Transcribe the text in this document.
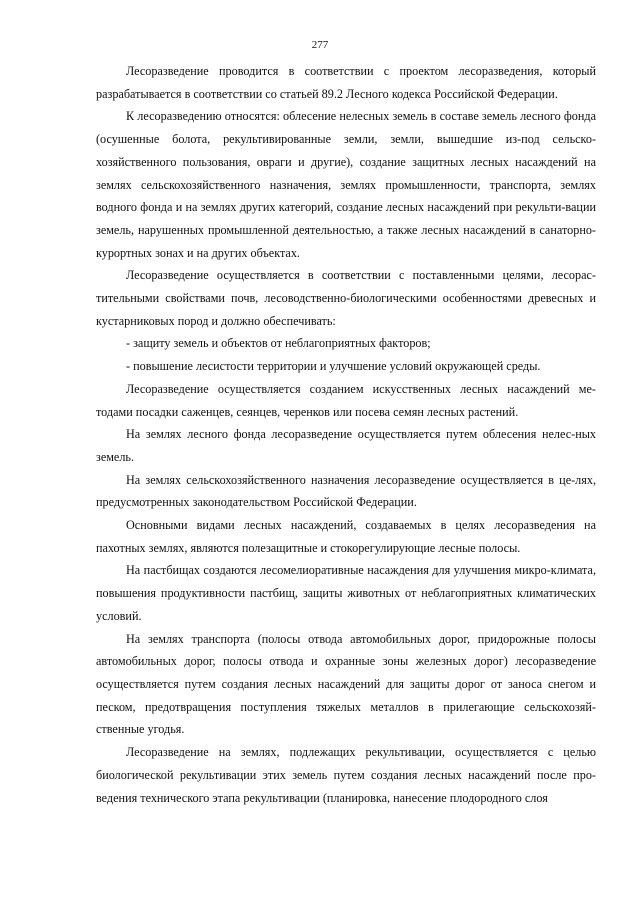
277

Лесоразведение проводится в соответствии с проектом лесоразведения, который разрабатывается в соответствии со статьей 89.2 Лесного кодекса Российской Федерации.

К лесоразведению относятся: облесение нелесных земель в составе земель лесного фонда (осушенные болота, рекультивированные земли, земли, вышедшие из-под сельско-хозяйственного пользования, овраги и другие), создание защитных лесных насаждений на землях сельскохозяйственного назначения, землях промышленности, транспорта, землях водного фонда и на землях других категорий, создание лесных насаждений при рекульти-вации земель, нарушенных промышленной деятельностью, а также лесных насаждений в санаторно-курортных зонах и на других объектах.

Лесоразведение осуществляется в соответствии с поставленными целями, лесорас-тительными свойствами почв, лесоводственно-биологическими особенностями древесных и кустарниковых пород и должно обеспечивать:

- защиту земель и объектов от неблагоприятных факторов;

- повышение лесистости территории и улучшение условий окружающей среды.

Лесоразведение осуществляется созданием искусственных лесных насаждений ме-тодами посадки саженцев, сеянцев, черенков или посева семян лесных растений.

На землях лесного фонда лесоразведение осуществляется путем облесения нелес-ных земель.

На землях сельскохозяйственного назначения лесоразведение осуществляется в це-лях, предусмотренных законодательством Российской Федерации.

Основными видами лесных насаждений, создаваемых в целях лесоразведения на пахотных землях, являются полезащитные и стокорегулирующие лесные полосы.

На пастбищах создаются лесомелиоративные насаждения для улучшения микро-климата, повышения продуктивности пастбищ, защиты животных от неблагоприятных климатических условий.

На землях транспорта (полосы отвода автомобильных дорог, придорожные полосы автомобильных дорог, полосы отвода и охранные зоны железных дорог) лесоразведение осуществляется путем создания лесных насаждений для защиты дорог от заноса снегом и песком, предотвращения поступления тяжелых металлов в прилегающие сельскохозяй-ственные угодья.

Лесоразведение на землях, подлежащих рекультивации, осуществляется с целью биологической рекультивации этих земель путем создания лесных насаждений после про-ведения технического этапа рекультивации (планировка, нанесение плодородного слоя
